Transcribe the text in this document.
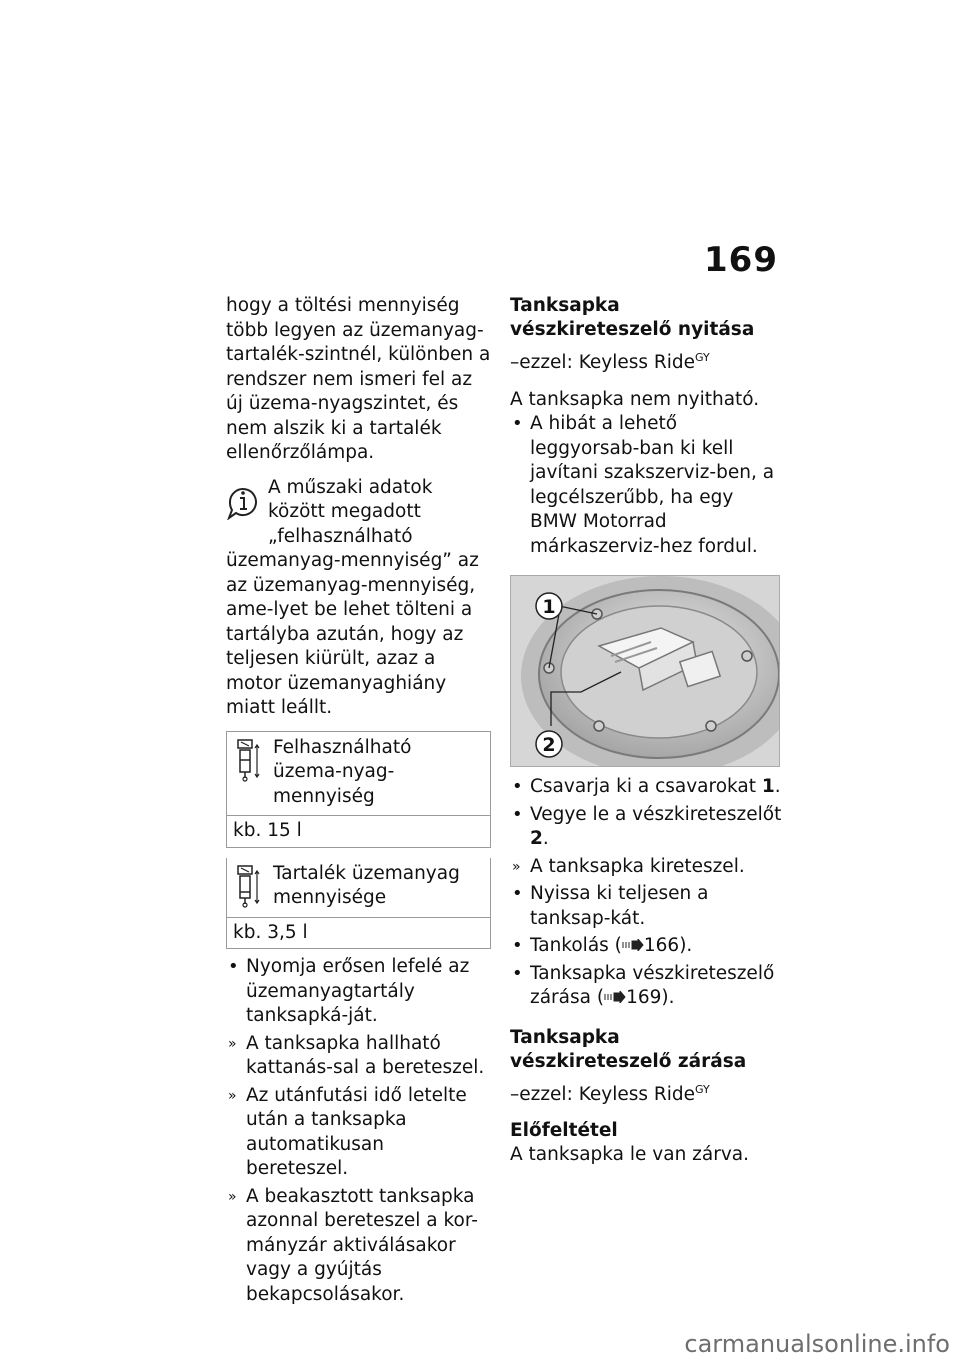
169

hogy a töltési mennyiség több legyen az üzemanyag-tartalék-szintnél, különben a rendszer nem ismeri fel az új üzema-nyagszintet, és nem alszik ki a tartalék ellenőrzőlámpa.

A műszaki adatok között megadott „felhasználható

üzemanyag-mennyiség” az az üzemanyag-mennyiség, ame-lyet be lehet tölteni a tartályba azután, hogy az teljesen kiürült, azaz a motor üzemanyaghiány miatt leállt.

Felhasználható üzema-nyag-mennyiség
kb. 15 l
Tartalék üzemanyag mennyisége
kb. 3,5 l
• Nyomja erősen lefelé az üzemanyagtartály tanksapká-ját.
» A tanksapka hallható kattanás-sal a bereteszel.
» Az utánfutási idő letelte után a tanksapka automatikusan bereteszel.
» A beakasztott tanksapka azonnal bereteszel a kor-mányzár aktiválásakor vagy a gyújtás bekapcsolásakor.
Tanksapka vészkireteszelő nyitása

–ezzel: Keyless Ride$^{GY}$

A tanksapka nem nyitható.

• A hibát a lehető leggyorsab-ban ki kell javítani szakszerviz-ben, a legcélszerűbb, ha egy BMW Motorrad márkaszerviz-hez fordul.
1
2
• Csavarja ki a csavarokat 1.
• Vegye le a vészkireteszelőt 2.
» A tanksapka kireteszel.
• Nyissa ki teljesen a tanksap-kát.
• Tankolás ( 166).
• Tanksapka vészkireteszelő zárása ( 169).
Tanksapka vészkireteszelő zárása

–ezzel: Keyless Ride$^{GY}$

Előfeltétel

A tanksapka le van zárva.

carmanualsonline.info
